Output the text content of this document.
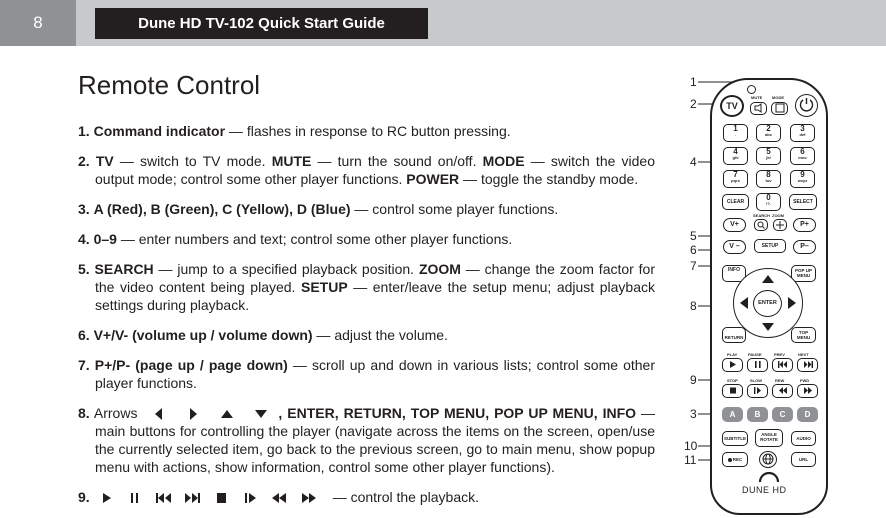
8	Dune HD TV-102 Quick Start Guide
Remote Control
1. Command indicator — flashes in response to RC button pressing.
2. TV — switch to TV mode. MUTE — turn the sound on/off. MODE — switch the video output mode; control some other player functions. POWER — toggle the standby mode.
3. A (Red), B (Green), C (Yellow), D (Blue) — control some player functions.
4. 0–9 — enter numbers and text; control some other player functions.
5. SEARCH — jump to a specified playback position. ZOOM — change the zoom factor for the video content being played. SETUP — enter/leave the setup menu; adjust playback settings during playback.
6. V+/V- (volume up / volume down) — adjust the volume.
7. P+/P- (page up / page down) — scroll up and down in various lists; control some other player functions.
8. Arrows	, ENTER, RETURN, TOP MENU, POP UP MENU, INFO — main buttons for controlling the player (navigate across the items on the screen, open/use the currently selected item, go back to the previous screen, go to main menu, show popup menu with actions, show information, control some other player functions).
9.	— control the playback.
1
2
4
5
6
7
8
9
3
10
11
TV
MUTE MODE
1
.
2
abc
3
def
4
ghi
5
jkl
6
mno
7
pqrs
8
tuv
9
wxyz
CLEAR	0
!?-	SELECT
SEARCH ZOOM
V+	P+
V –	SETUP	P–
INFO	POP UP MENU
ENTER
RETURN
TOP MENU
PLAY	PAUSE	PREV	NEXT
STOP	SLOW	REW	FWD
A	B	C	D
SUBTITLE
ANGLE ROTATE	AUDIO
REC	URL
DUNE HD
